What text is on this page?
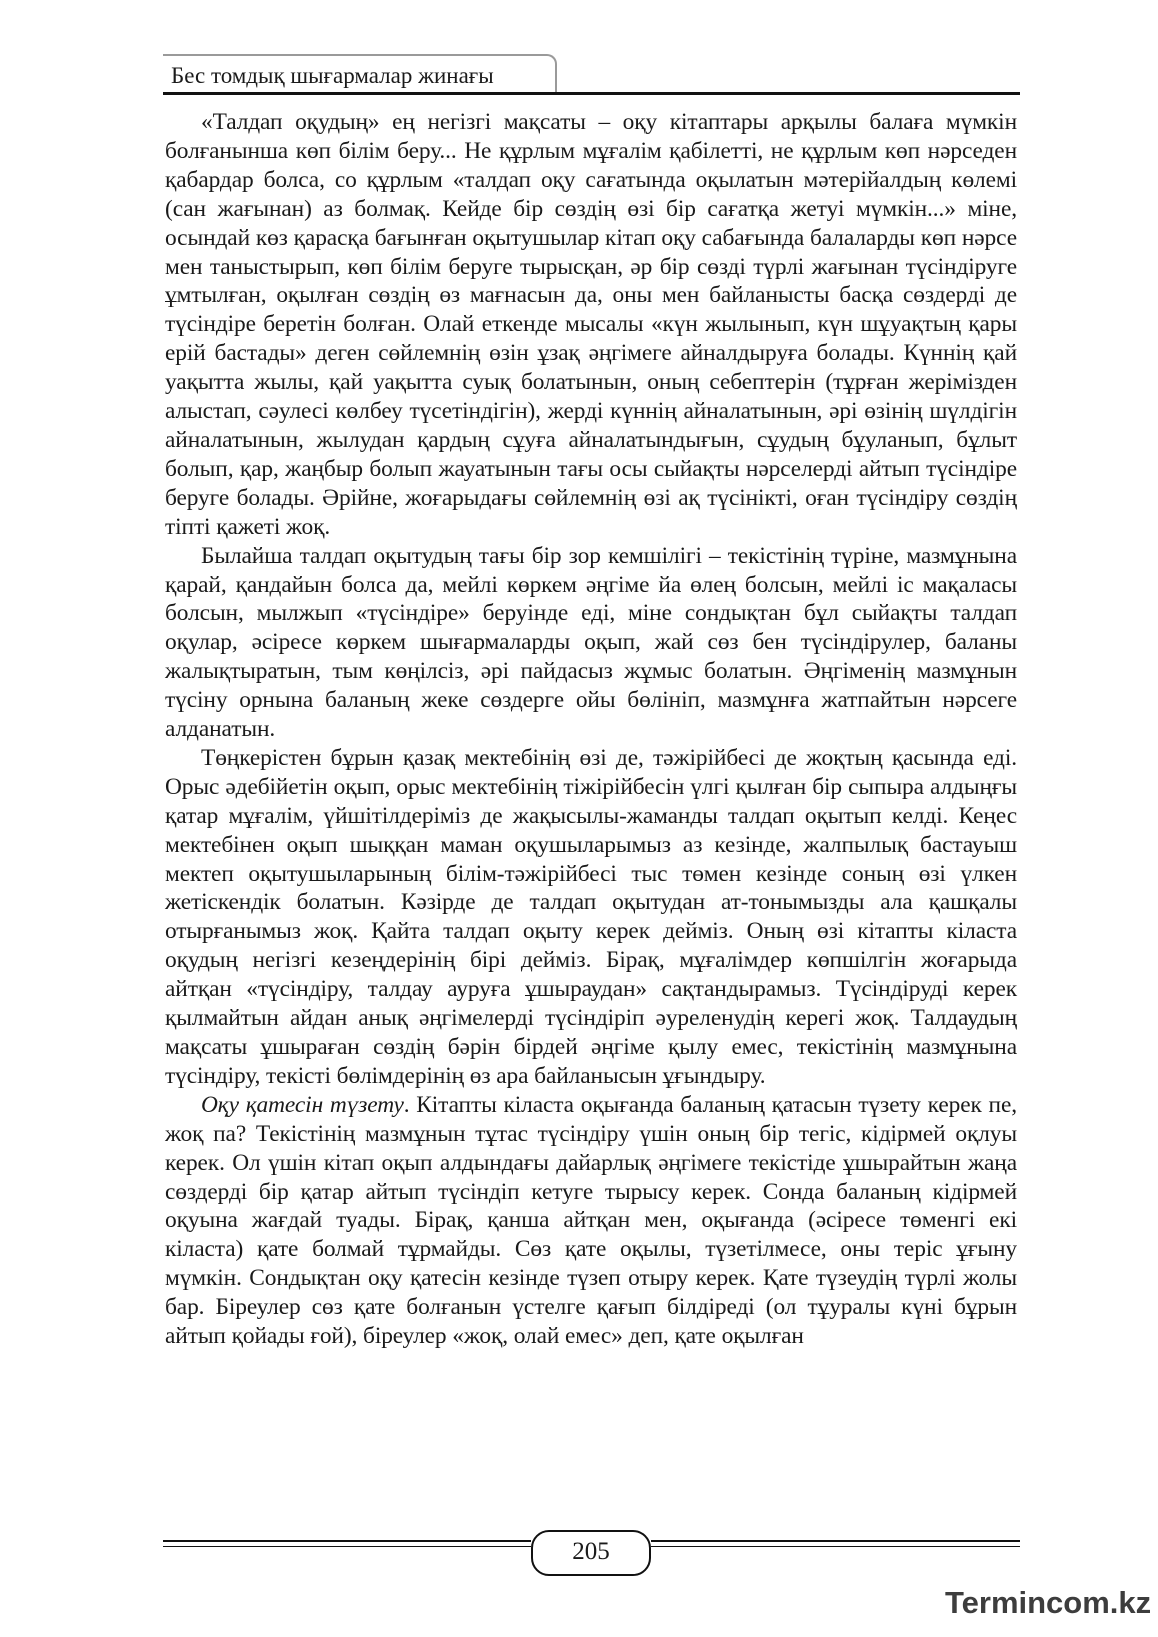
Бес томдық шығармалар жинағы

«Талдап оқудың» ең негізгі мақсаты – оқу кітаптары арқылы балаға мүмкін болғанынша көп білім беру... Не құрлым мұғалім қабілетті, не құрлым көп нәрседен қабардар болса, со құрлым «талдап оқу сағатында оқылатын мәтерійалдың көлемі (сан жағынан) аз болмақ. Кейде бір сөздің өзі бір сағатқа жетуі мүмкін...» міне, осындай көз қарасқа бағынған оқытушылар кітап оқу сабағында балаларды көп нәрсе мен таныстырып, көп білім беруге тырысқан, әр бір сөзді түрлі жағынан түсіндіруге ұмтылған, оқылған сөздің өз мағнасын да, оны мен байланысты басқа сөздерді де түсіндіре беретін болған. Олай еткенде мысалы «күн жылынып, күн шұуақтың қары ерій бастады» деген сөйлемнің өзін ұзақ әңгімеге айналдыруға болады. Күннің қай уақытта жылы, қай уақытта суық болатынын, оның себептерін (тұрған жерімізден алыстап, сәулесі көлбеу түсетіндігін), жерді күннің айналатынын, әрі өзінің шүлдігін айналатынын, жылудан қардың сұуға айналатындығын, сұудың бұуланып, бұлыт болып, қар, жаңбыр болып жауатынын тағы осы сыйақты нәрселерді айтып түсіндіре беруге болады. Әрійне, жоғарыдағы сөйлемнің өзі ақ түсінікті, оған түсіндіру сөздің тіпті қажеті жоқ.

Былайша талдап оқытудың тағы бір зор кемшілігі – текістінің түріне, мазмұнына қарай, қандайын болса да, мейлі көркем әңгіме йа өлең болсын, мейлі іс мақаласы болсын, мылжып «түсіндіре» беруінде еді, міне сондықтан бұл сыйақты талдап оқулар, әсіресе көркем шығармаларды оқып, жай сөз бен түсіндірулер, баланы жалықтыратын, тым көңілсіз, әрі пайдасыз жұмыс болатын. Әңгіменің мазмұнын түсіну орнына баланың жеке сөздерге ойы бөлініп, мазмұнға жатпайтын нәрсеге алданатын.

Төңкерістен бұрын қазақ мектебінің өзі де, тәжірійбесі де жоқтың қасында еді. Орыс әдебійетін оқып, орыс мектебінің тіжірійбесін үлгі қылған бір сыпыра алдыңғы қатар мұғалім, үйшітілдеріміз де жақысылы-жаманды талдап оқытып келді. Кеңес мектебінен оқып шыққан маман оқушыларымыз аз кезінде, жалпылық бастауыш мектеп оқытушыларының білім-тәжірійбесі тыс төмен кезінде соның өзі үлкен жетіскендік болатын. Кәзірде де талдап оқытудан ат-тонымызды ала қашқалы отырғанымыз жоқ. Қайта талдап оқыту керек дейміз. Оның өзі кітапты кіласта оқудың негізгі кезеңдерінің бірі дейміз. Бірақ, мұғалімдер көпшілгін жоғарыда айтқан «түсіндіру, талдау ауруға ұшыраудан» сақтандырамыз. Түсіндіруді керек қылмайтын айдан анық әңгімелерді түсіндіріп әуреленудің керегі жоқ. Талдаудың мақсаты ұшыраған сөздің бәрін бірдей әңгіме қылу емес, текістінің мазмұнына түсіндіру, текісті бөлімдерінің өз ара байланысын ұғындыру.

Оқу қатесін түзету. Кітапты кіласта оқығанда баланың қатасын түзету керек пе, жоқ па? Текістінің мазмұнын тұтас түсіндіру үшін оның бір тегіс, кідірмей оқлуы керек. Ол үшін кітап оқып алдындағы дайарлық әңгімеге текістіде ұшырайтын жаңа сөздерді бір қатар айтып түсіндіп кетуге тырысу керек. Сонда баланың кідірмей оқуына жағдай туады. Бірақ, қанша айтқан мен, оқығанда (әсіресе төменгі екі кіласта) қате болмай тұрмайды. Сөз қате оқылы, түзетілмесе, оны теріс ұғыну мүмкін. Сондықтан оқу қатесін кезінде түзеп отыру керек. Қате түзеудің түрлі жолы бар. Біреулер сөз қате болғанын үстелге қағып білдіреді (ол тұуралы күні бұрын айтып қойады ғой), біреулер «жоқ, олай емес» деп, қате оқылған

205
Termincom.kz
